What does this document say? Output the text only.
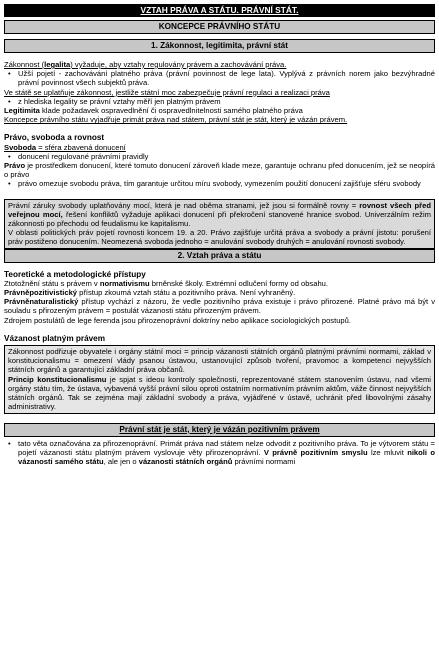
VZTAH PRÁVA A STÁTU. PRÁVNÍ STÁT.
KONCEPCE PRÁVNÍHO STÁTU
1. Zákonnost, legitimita, právní stát

Zákonnost (legalita) vyžaduje, aby vztahy regulovány právem a zachovávání práva.

• Užší pojetí - zachovávání platného práva (právní povinnost de lege lata). Vyplývá z právních norem jako bezvýhradné právní povinnost všech subjektů práva.

Ve státě se uplatňuje zákonnost, jestliže státní moc zabezpečuje právní regulaci a realizaci práva

• z hlediska legality se právní vztahy měří jen platným právem

Legitimita klade požadavek ospravedlnění či ospravedlnitelnosti samého platného práva

Koncepce právního státu vyjadřuje primát práva nad státem, právní stát je stát, který je vázán právem.

Právo, svoboda a rovnost

Svoboda = sféra zbavená donucení

• donucení regulované právními pravidly

Právo je prostředkem donucení, které tomuto donucení zároveň klade meze, garantuje ochranu před donucením, jež se neopírá o právo

• právo omezuje svobodu práva, tím garantuje určitou míru svobody, vymezením použití donucení zajišťuje sféru svobody

Právní záruky svobody uplatňovány mocí, která je nad oběma stranami, jež jsou si formálně rovny = rovnost všech před veřejnou mocí, řešení konfliktů vyžaduje aplikaci donucení při překročení stanovené hranice svobod. Univerzálním režim zákonnosti po přechodu od feudalismu ke kapitalismu.

V oblasti politických práv pojetí rovnosti koncem 19. a 20. Právo zajišťuje určitá práva a svobody a právní jistotu: porušení práv postiženo donucením. Neomezená svoboda jednoho = anulování svobody druhých = anulování rovnosti svobody.

2. Vztah práva a státu

Teoretické a metodologické přístupy

Ztotožnění státu s právem v normativismu brněnské školy. Extrémní odlučení formy od obsahu.

Právněpozitivistický přístup zkoumá vztah státu a pozitivního práva. Není vyhraněný.

Právněnaturalistický přístup vychází z názoru, že vedle pozitivního práva existuje i právo přirozené. Platné právo má být v souladu s přirozeným právem = postulát vázanosti státu přirozeným právem.

Zdrojem postulátů de lege ferenda jsou přirozenoprávní doktríny nebo aplikace sociologických postupů.

Vázanost platným právem

Zákonnost podřizuje obyvatele i orgány státní moci = princip vázanosti státních orgánů platnými právními normami, základ v konstitucionalismu = omezení vlády psanou ústavou, ustanovující způsob tvoření, pravomoc a kompetenci nejvyšších státních orgánů a garantující základní práva občanů.

Princip konstitucionalismu je spjat s ideou kontroly společnosti, reprezentované státem stanovením ústavu, nad všemi orgány státu tím, že ústava, vybavená vyšší právní silou oproti ostatním normativním právním aktům, váže činnost nejvyšších státních orgánů. Tak se zejména mají základní svobody a práva, vyjádřené v ústavě, uchránit před libovolnými zásahy administrativy.

Právní stát je stát, který je vázán pozitivním právem
• tato věta označována za přirozenoprávní. Primát práva nad státem nelze odvodit z pozitivního práva. To je výtvorem státu = pojetí vázanosti státu platným právem vyslovuje věty přirozenoprávní. V právně pozitivním smyslu lze mluvit nikoli o vázanosti samého státu, ale jen o vázanosti státních orgánů právními normami
